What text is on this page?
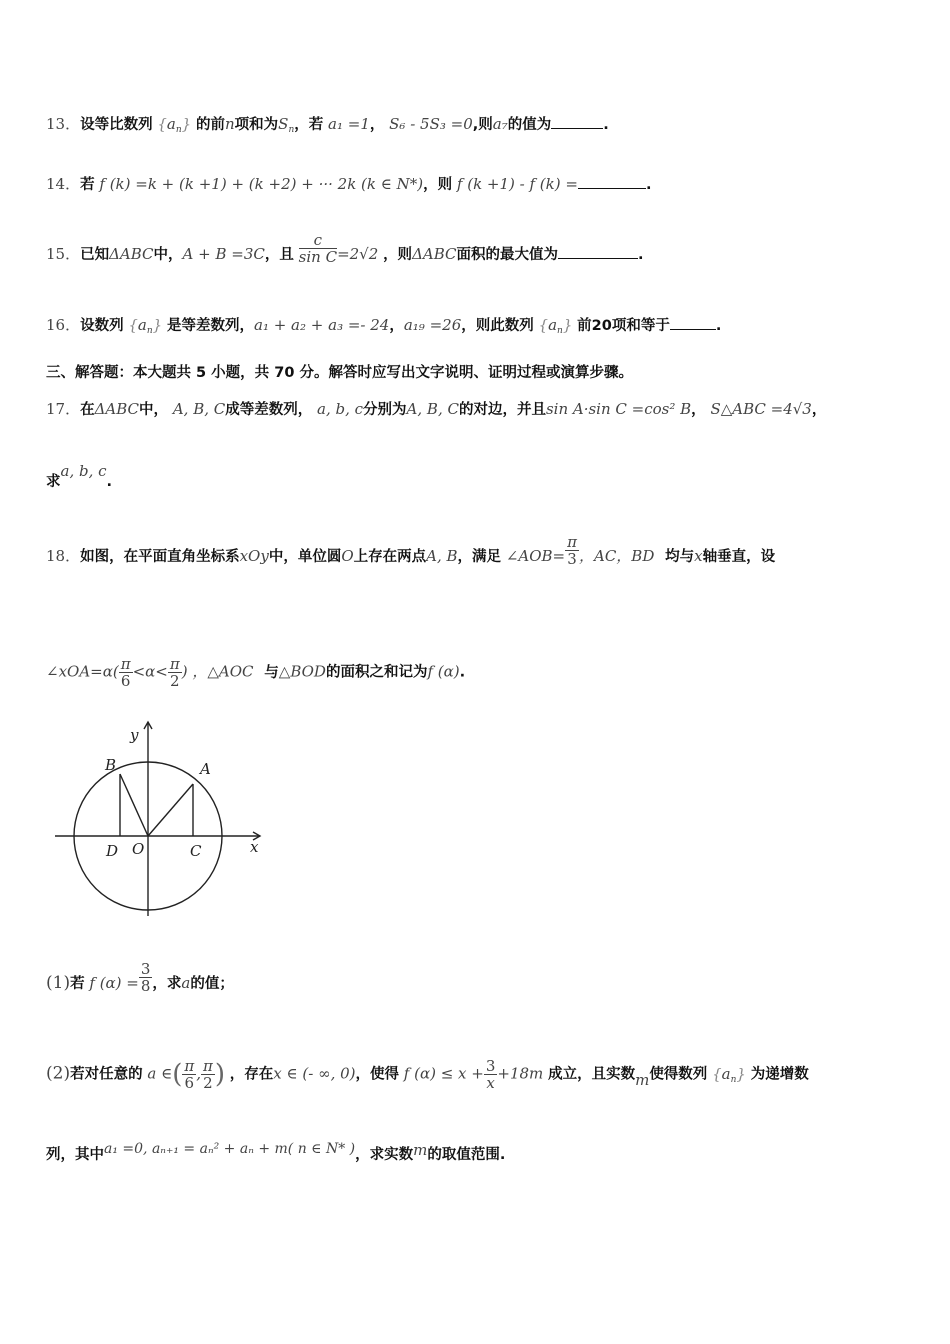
13．设等比数列 $\{a_n\}$ 的前n项和为$S_n$，若 a₁ =1， S₆ - 5S₃ =0,则a₇的值为	.
14．若 f (k) =k + (k +1) + (k +2) + ··· 2k (k ∈ N*)，则 f (k +1) - f (k) =	.
15．已知ΔABC中，A + B =3C，且 $\frac{c}{\text{sin C}} =2√2$ ，则ΔABC面积的最大值为	.
16．设数列 $\{a_n\}$ 是等差数列，a₁ + a₂ + a₃ =- 24，a₁₉ =26，则此数列 $\{a_n\}$ 前20项和等于	.
三、解答题：本大题共 5 小题，共 70 分。解答时应写出文字说明、证明过程或演算步骤。
17．在ΔABC中， A, B, C成等差数列， a, b, c分别为A, B, C的对边，并且sin A·sin C =cos² B， S△ABC =4√3，
求a, b, c.
18．如图，在平面直角坐标系xOy中，单位圆O上存在两点A, B，满足 ∠AOB= $\frac{\pi}{3}$ ，AC，BD 均与x轴垂直，设
∠xOA=α( $\frac{\pi}{6} <\alpha< \frac{\pi}{2}$ ) ，△AOC 与△BOD的面积之和记为f (α).
y
x
A
B
C
D O
(1)若 f $(\alpha) = \frac{3}{8}$ ，求a的值；
(2)若对任意的 a ∈( $\frac{\pi}{6}$ , $\frac{\pi}{2}$ ) ，存在x ∈ (- ∞, 0)，使得 f $(\alpha) \le x + \frac{3}{x} +18m$ 成立，且实数m使得数列 $\{a_n\}$ 为递增数
列，其中a₁ =0, aₙ₊₁ = aₙ² + aₙ + m( n ∈ N* )，求实数m的取值范围.
